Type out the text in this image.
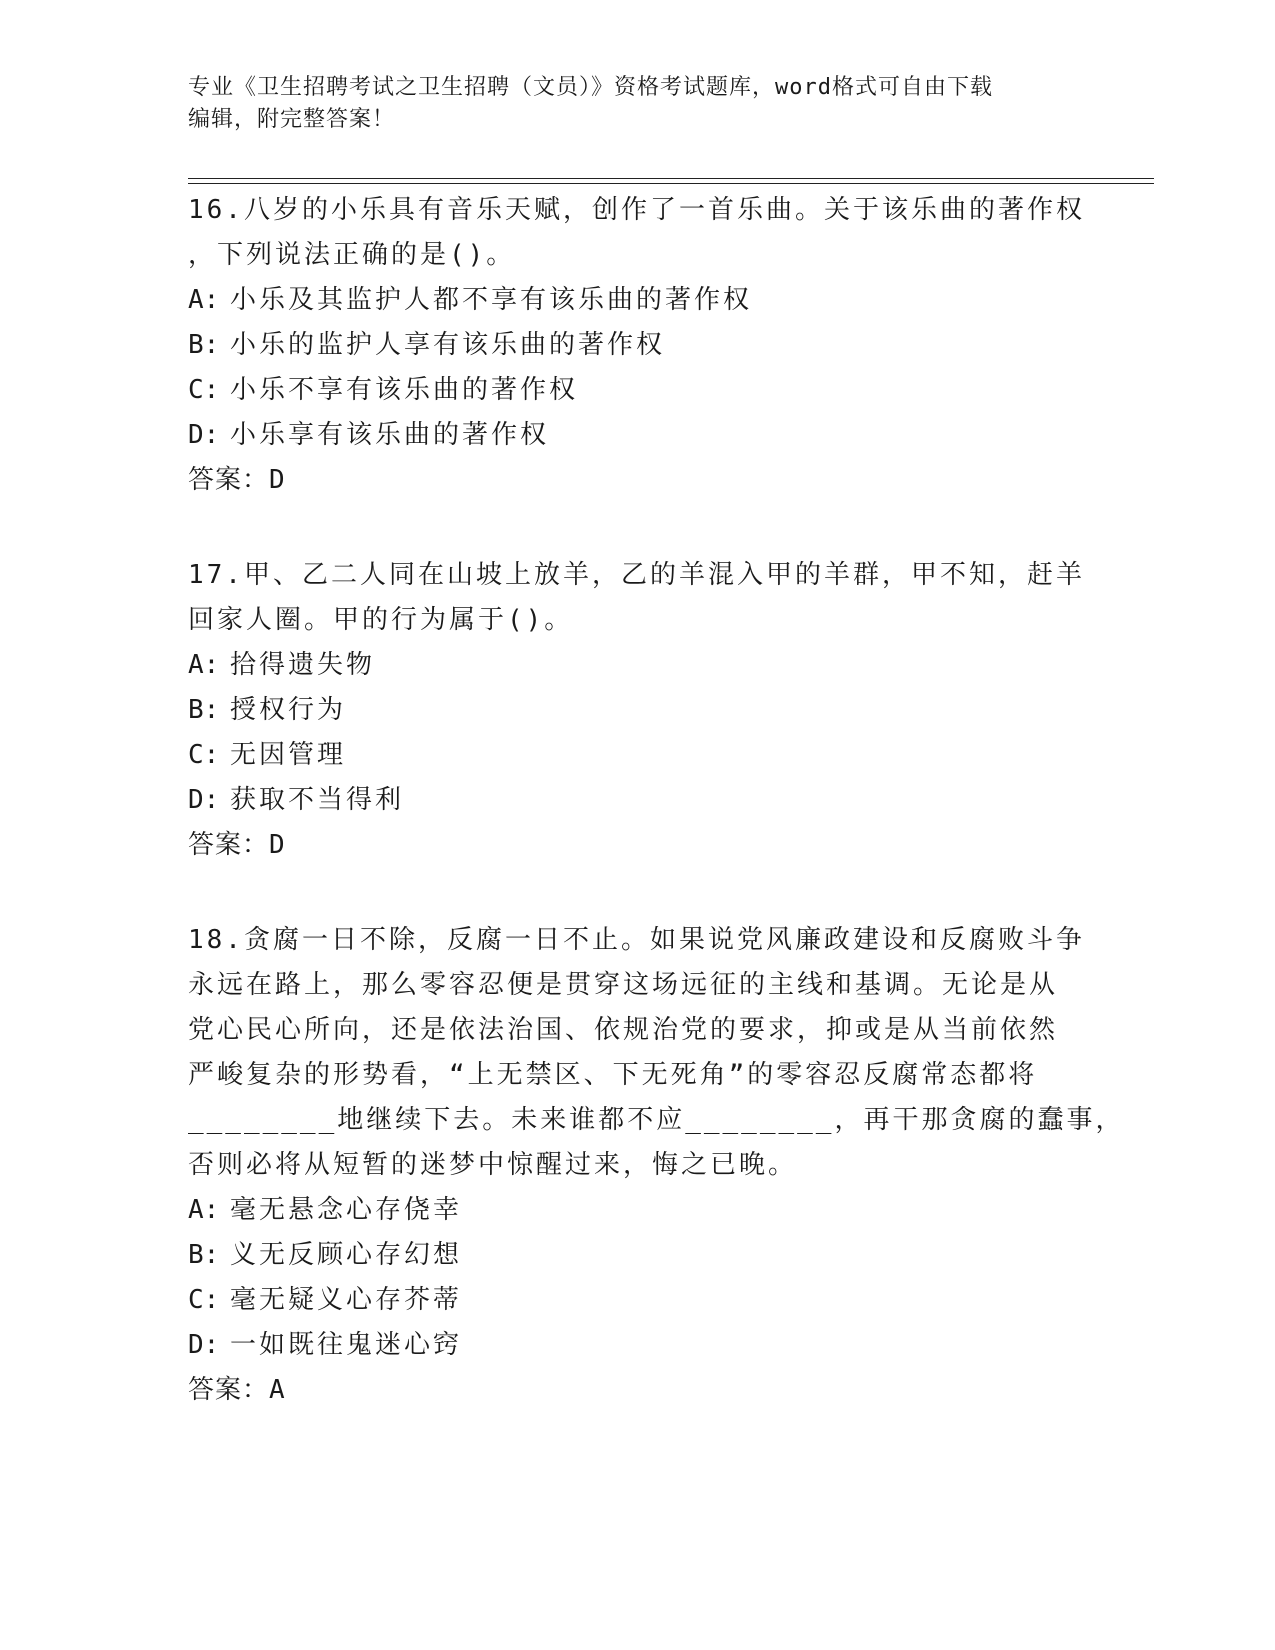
专业《卫生招聘考试之卫生招聘（文员）》资格考试题库，word格式可自由下载
编辑，附完整答案！
16.八岁的小乐具有音乐天赋，创作了一首乐曲。关于该乐曲的著作权
，下列说法正确的是()。
A: 小乐及其监护人都不享有该乐曲的著作权
B: 小乐的监护人享有该乐曲的著作权
C: 小乐不享有该乐曲的著作权
D: 小乐享有该乐曲的著作权
答案：D
17.甲、乙二人同在山坡上放羊，乙的羊混入甲的羊群，甲不知，赶羊
回家人圈。甲的行为属于()。
A: 拾得遗失物
B: 授权行为
C: 无因管理
D: 获取不当得利
答案：D
18.贪腐一日不除，反腐一日不止。如果说党风廉政建设和反腐败斗争
永远在路上，那么零容忍便是贯穿这场远征的主线和基调。无论是从
党心民心所向，还是依法治国、依规治党的要求，抑或是从当前依然
严峻复杂的形势看，“上无禁区、下无死角”的零容忍反腐常态都将
________地继续下去。未来谁都不应________，再干那贪腐的蠢事，
否则必将从短暂的迷梦中惊醒过来，悔之已晚。
A: 毫无悬念心存侥幸
B: 义无反顾心存幻想
C: 毫无疑义心存芥蒂
D: 一如既往鬼迷心窍
答案：A
